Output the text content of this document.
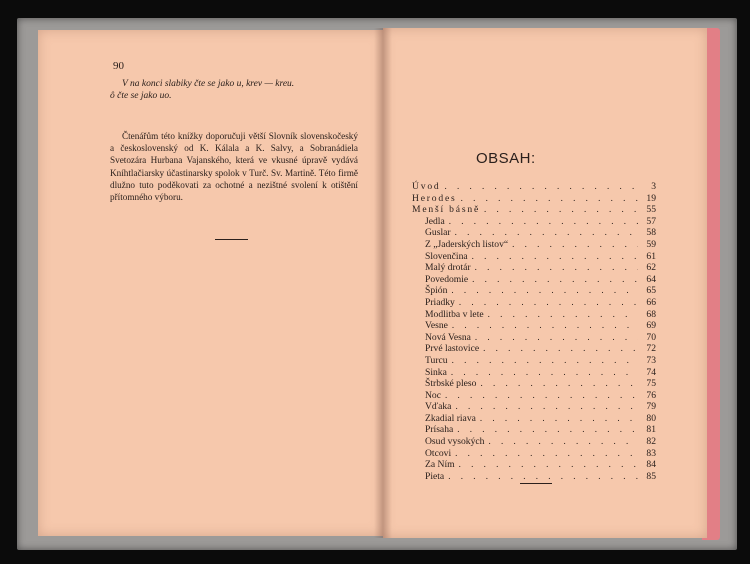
90

V na konci slabiky čte se jako u, krev — kreu.

ô čte se jako uo.

Čtenářům této knížky doporučuji větší Slovník slovenskočeský a československý od K. Kálala a K. Salvy, a Sobranádiela Svetozára Hurbana Vajanského, která ve vkusné úpravě vydává Kníhtlačiarsky účastinarsky spolok v Turč. Sv. Martině. Této firmě dlužno tuto poděkovati za ochotné a nezištné svolení k otištění přítomného výboru.
OBSAH:
Úvod . . .	3
Herodes . . .	19
Menší básně . . .	55
Jedla . . .	57
Guslar . . .	58
Z „Jaderských listov“ . . .	59
Slovenčina . . .	61
Malý drotár . . .	62
Povedomie . . .	64
Špión . . .	65
Priadky . . .	66
Modlitba v lete . . .	68
Vesne . . .	69
Nová Vesna . . .	70
Prvé lastovice . . .	72
Turcu . . .	73
Sinka . . .	74
Štrbské pleso . . .	75
Noc . . .	76
Vďaka . . .	79
Zkadial riava . . .	80
Prísaha . . .	81
Osud vysokých . . .	82
Otcovi . . .	83
Za Ním . . .	84
Pieta . . .	85
